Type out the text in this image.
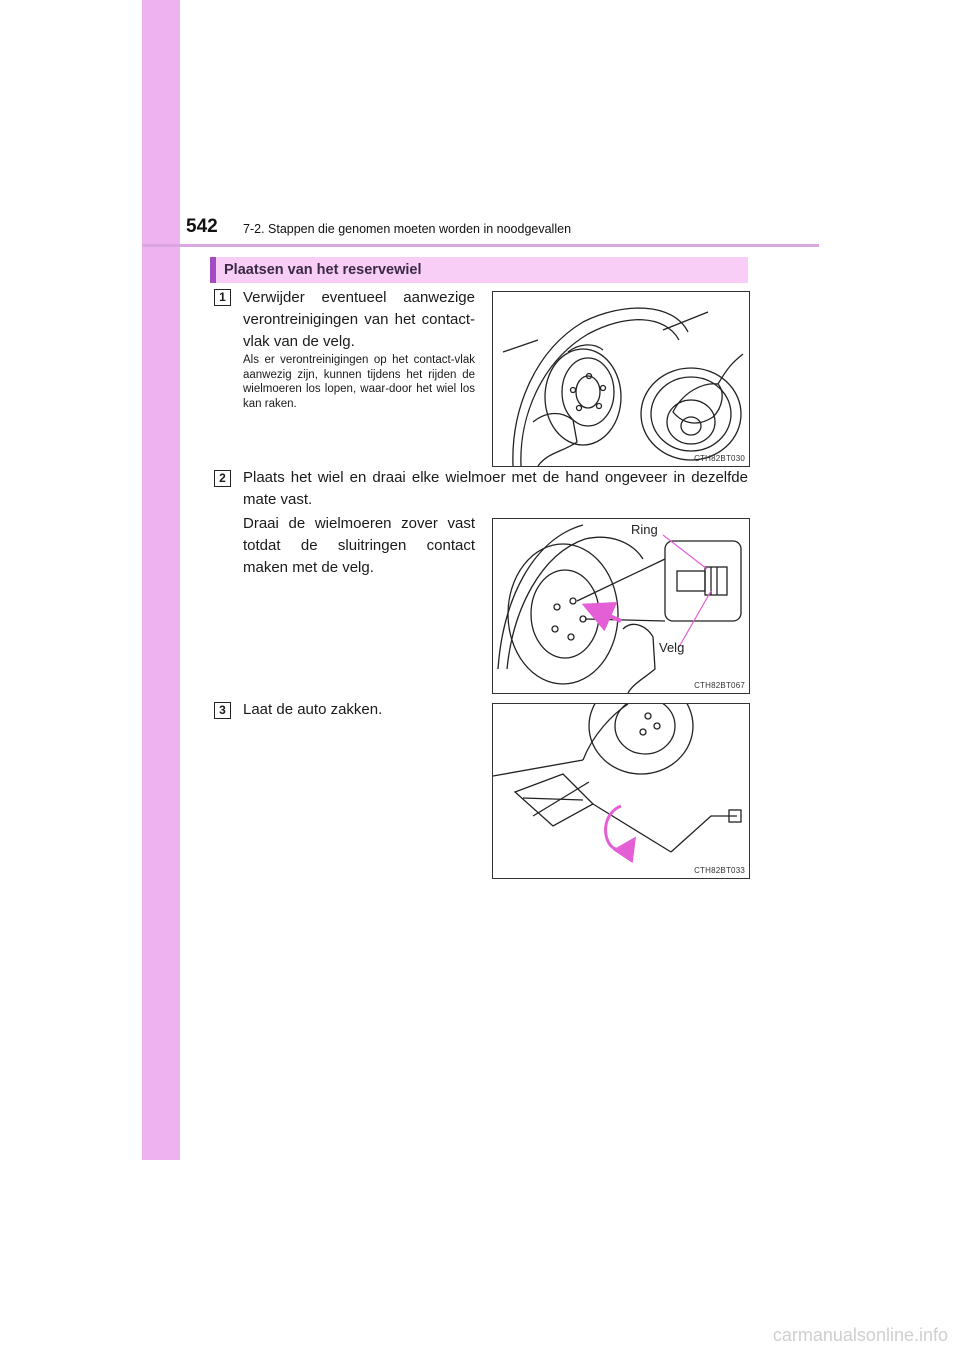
542 7-2. Stappen die genomen moeten worden in noodgevallen
Plaatsen van het reservewiel
1	Verwijder eventueel aanwezige verontreinigingen van het contact-vlak van de velg.
Als er verontreinigingen op het contact-vlak aanwezig zijn, kunnen tijdens het rijden de wielmoeren los lopen, waar-door het wiel los kan raken.
CTH82BT030
2	Plaats het wiel en draai elke wielmoer met de hand ongeveer in dezelfde mate vast.
Draai de wielmoeren zover vast totdat de sluitringen contact maken met de velg.
Ring
Velg
CTH82BT067
3	Laat de auto zakken.
CTH82BT033
carmanualsonline.info
